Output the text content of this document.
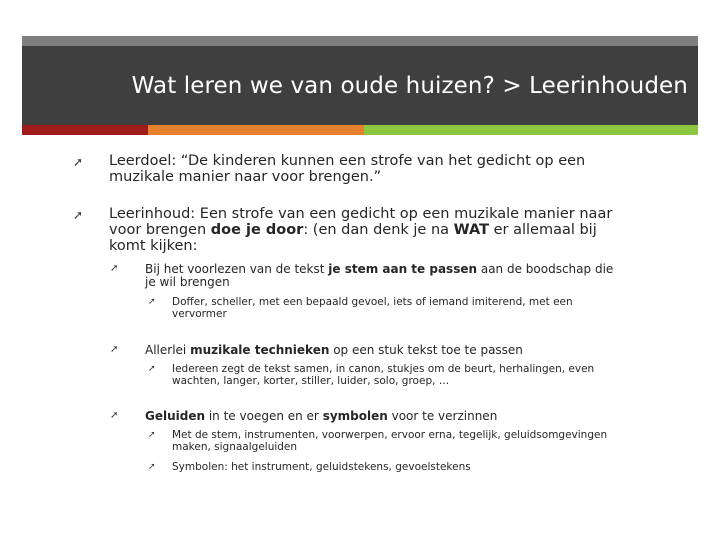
Wat leren we van oude huizen? > Leerinhouden
➚	Leerdoel: “De kinderen kunnen een strofe van het gedicht op een muzikale manier naar voor brengen.”
➚	Leerinhoud: Een strofe van een gedicht op een muzikale manier naar voor brengen doe je door: (en dan denk je na WAT er allemaal bij komt kijken:
➚	Bij het voorlezen van de tekst je stem aan te passen aan de boodschap die je wil brengen
➚	Doffer, scheller, met een bepaald gevoel, iets of iemand imiterend, met een vervormer
➚	Allerlei muzikale technieken op een stuk tekst toe te passen
➚	Iedereen zegt de tekst samen, in canon, stukjes om de beurt, herhalingen, even wachten, langer, korter, stiller, luider, solo, groep, …
➚	Geluiden in te voegen en er symbolen voor te verzinnen
➚	Met de stem, instrumenten, voorwerpen, ervoor erna, tegelijk, geluidsomgevingen maken, signaalgeluiden
➚	Symbolen: het instrument, geluidstekens, gevoelstekens
